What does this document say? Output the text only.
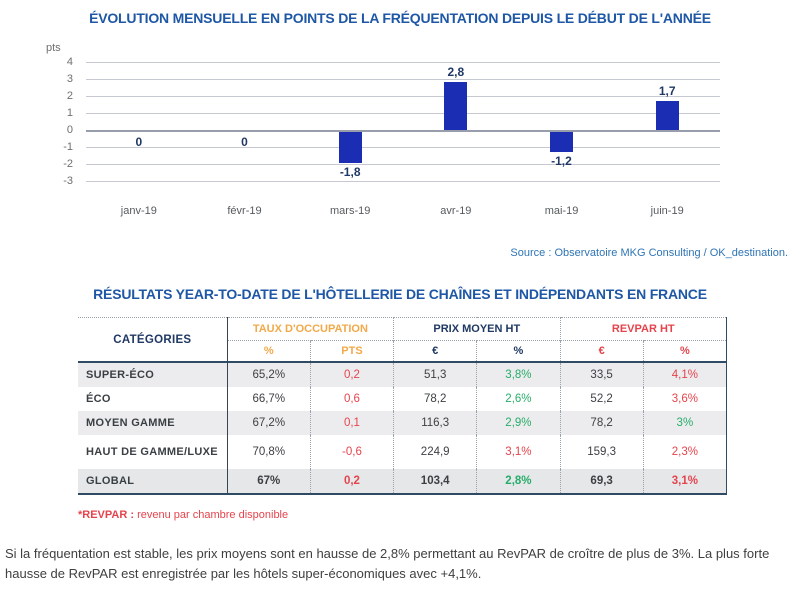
ÉVOLUTION MENSUELLE EN POINTS DE LA FRÉQUENTATION DEPUIS LE DÉBUT DE L'ANNÉE
pts
4
3
2
1
0
-1
-2
-3
0	0
-1,8
2,8
-1,2
1,7
janv-19	févr-19	mars-19	avr-19	mai-19	juin-19
Source : Observatoire MKG Consulting / OK_destination.
RÉSULTATS YEAR-TO-DATE DE L'HÔTELLERIE DE CHAÎNES ET INDÉPENDANTS EN FRANCE
CATÉGORIES	TAUX D'OCCUPATION		PRIX MOYEN HT		REVPAR HT	
	%	PTS	€	%	€	%
SUPER-ÉCO	65,2%	0,2	51,3	3,8%	33,5	4,1%
ÉCO	66,7%	0,6	78,2	2,6%	52,2	3,6%
MOYEN GAMME	67,2%	0,1	116,3	2,9%	78,2	3%
HAUT DE GAMME/LUXE	70,8%	-0,6	224,9	3,1%	159,3	2,3%
GLOBAL	67%	0,2	103,4	2,8%	69,3	3,1%
*REVPAR : revenu par chambre disponible

Si la fréquentation est stable, les prix moyens sont en hausse de 2,8% permettant au RevPAR de croître de plus de 3%. La plus forte hausse de RevPAR est enregistrée par les hôtels super-économiques avec +4,1%.
